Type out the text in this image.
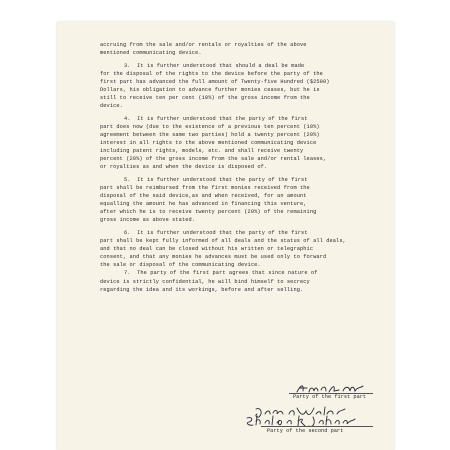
accruing from the sale and/or rentals or royalties of the above
mentioned communicating device.
3.  It is further understood that should a deal be made
for the disposal of the rights to the device before the party of the
first part has advanced the full amount of Twenty-five Hundred ($2500)
Dollars, his obligation to advance further monies ceases, but he is
still to receive ten per cent (10%) of the gross income from the
device.
4.  It is further understood that the party of the first
part does now (due to the existence of a previous ten percent (10%)
agreement between the same two parties) hold a twenty percent (20%)
interest in all rights to the above mentioned communicating device
including patent rights, models, etc. and shall receive twenty
percent (20%) of the gross income from the sale and/or rental leases,
or royalties as and when the device is disposed of.
5.  It is further understood that the party of the first
part shall be reimbursed from the first monies received from the
disposal of the said device,as and when received, for an amount
equalling the amount he has advanced in financing this venture,
after which he is to receive twenty percent (20%) of the remaining
gross income as above stated.
6.  It is further understood that the party of the first
part shall be kept fully informed of all deals and the status of all deals,
and that no deal can be closed without his written or telegraphic
consent, and that any monies he advances must be used only to forward
the sale or disposal of the communicating device.
7.  The party of the first part agrees that since nature of
device is strictly confidential, he will bind himself to secrecy
regarding the idea and its workings, before and after selling.
Party of the first part
Party of the second part
